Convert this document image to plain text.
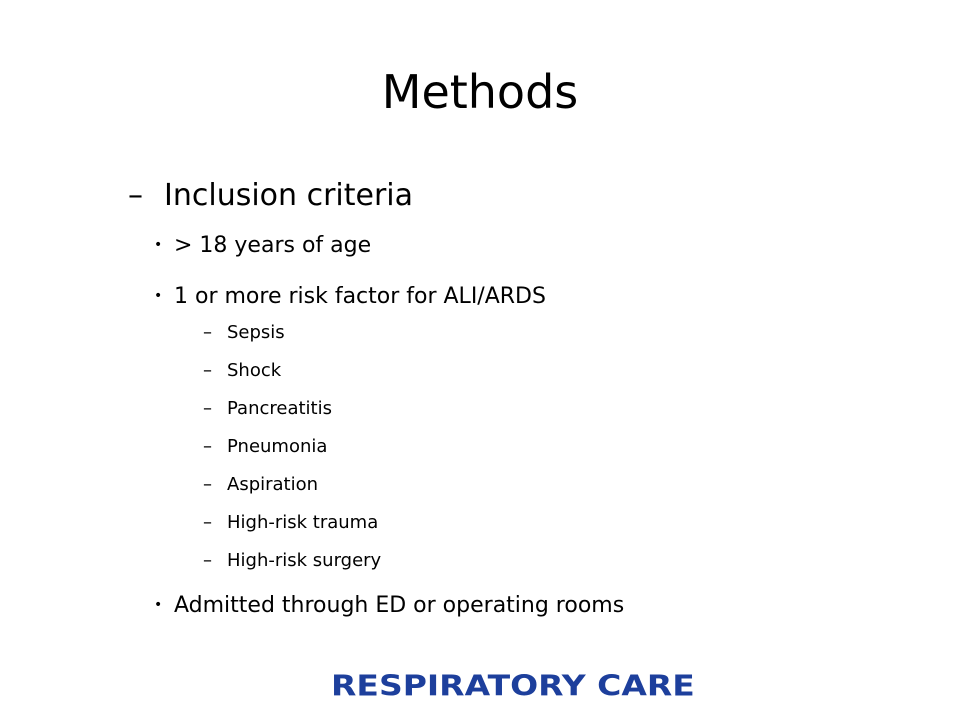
Methods
– Inclusion criteria
• > 18 years of age
• 1 or more risk factor for ALI/ARDS
– Sepsis
– Shock
– Pancreatitis
– Pneumonia
– Aspiration
– High-risk trauma
– High-risk surgery
• Admitted through ED or operating rooms
RESPIRATORY CARE
